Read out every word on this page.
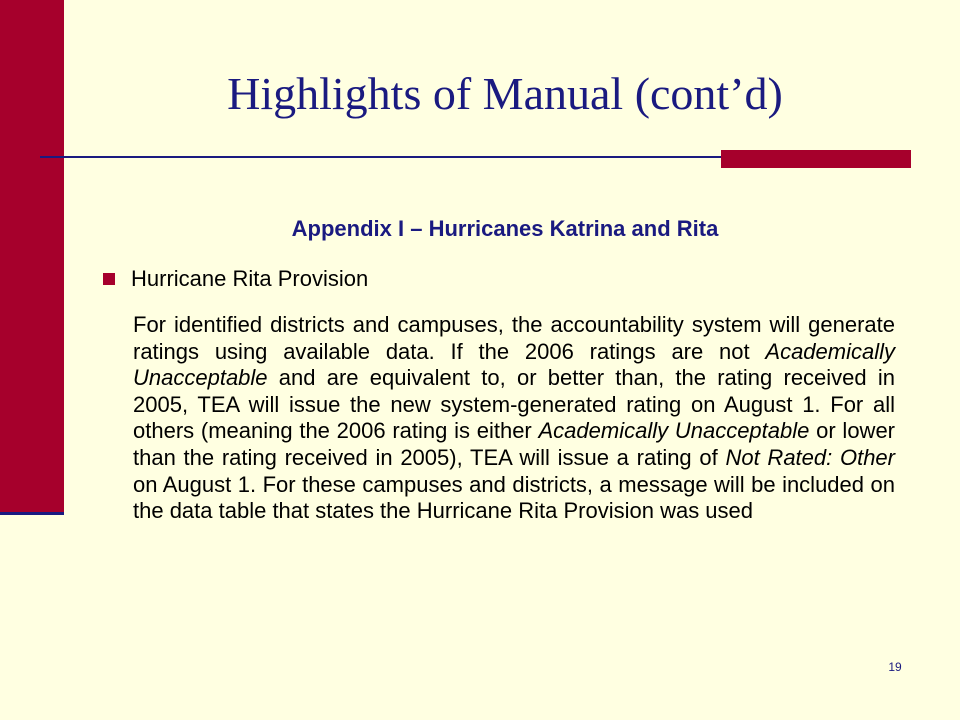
Highlights of Manual (cont’d)
Appendix I – Hurricanes Katrina and Rita
Hurricane Rita Provision

For identified districts and campuses, the accountability system will generate ratings using available data. If the 2006 ratings are not Academically Unacceptable and are equivalent to, or better than, the rating received in 2005, TEA will issue the new system-generated rating on August 1. For all others (meaning the 2006 rating is either Academically Unacceptable or lower than the rating received in 2005), TEA will issue a rating of Not Rated: Other on August 1. For these campuses and districts, a message will be included on the data table that states the Hurricane Rita Provision was used

19
